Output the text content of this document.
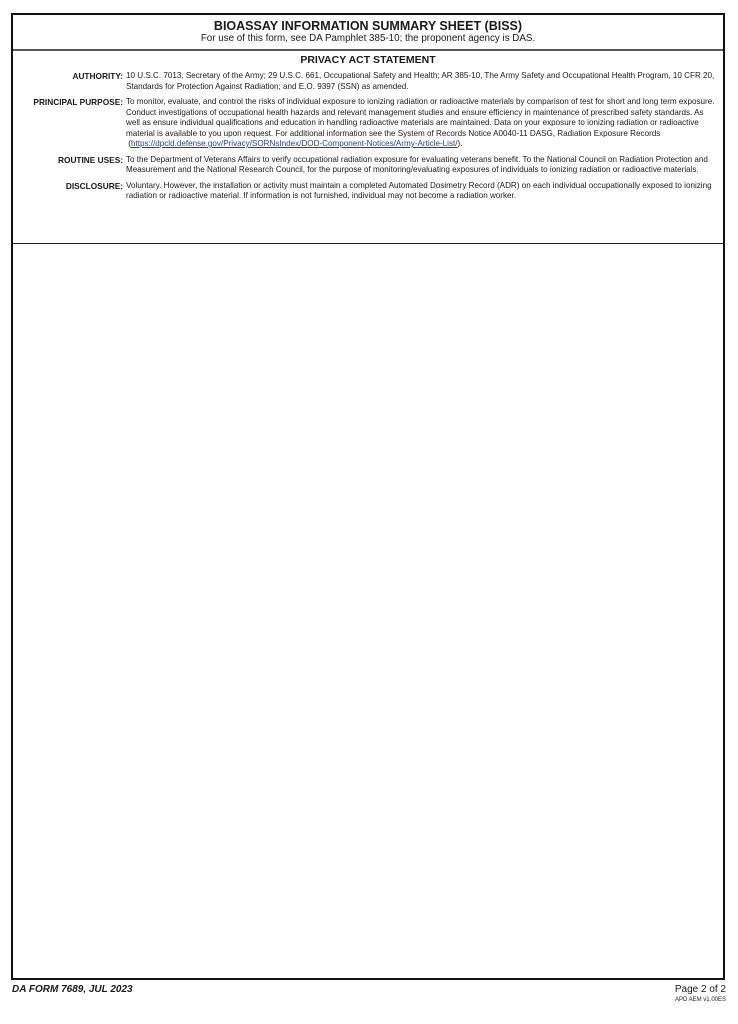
BIOASSAY INFORMATION SUMMARY SHEET (BISS)
For use of this form, see DA Pamphlet 385-10; the proponent agency is DAS.
PRIVACY ACT STATEMENT
AUTHORITY: 10 U.S.C. 7013, Secretary of the Army; 29 U.S.C. 661, Occupational Safety and Health; AR 385-10, The Army Safety and Occupational Health Program, 10 CFR 20, Standards for Protection Against Radiation; and E.O. 9397 (SSN) as amended.
PRINCIPAL PURPOSE: To monitor, evaluate, and control the risks of individual exposure to ionizing radiation or radioactive materials by comparison of test for short and long term exposure. Conduct investigations of occupational health hazards and relevant management studies and ensure efficiency in maintenance of prescribed safety standards. As well as ensure individual qualifications and education in handling radioactive materials are maintained. Data on your exposure to ionizing radiation or radioactive material is available to you upon request. For additional information see the System of Records Notice A0040-11 DASG, Radiation Exposure Records
(https://dpcld.defense.gov/Privacy/SORNsIndex/DOD-Component-Notices/Army-Article-List/).
ROUTINE USES: To the Department of Veterans Affairs to verify occupational radiation exposure for evaluating veterans benefit. To the National Council on Radiation Protection and Measurement and the National Research Council, for the purpose of monitoring/evaluating exposures of individuals to ionizing radiation or radioactive materials.
DISCLOSURE: Voluntary. However, the installation or activity must maintain a completed Automated Dosimetry Record (ADR) on each individual occupationally exposed to ionizing radiation or radioactive material. If information is not furnished, individual may not become a radiation worker.
DA FORM 7689, JUL 2023	Page 2 of 2
APD AEM v1.00ES
